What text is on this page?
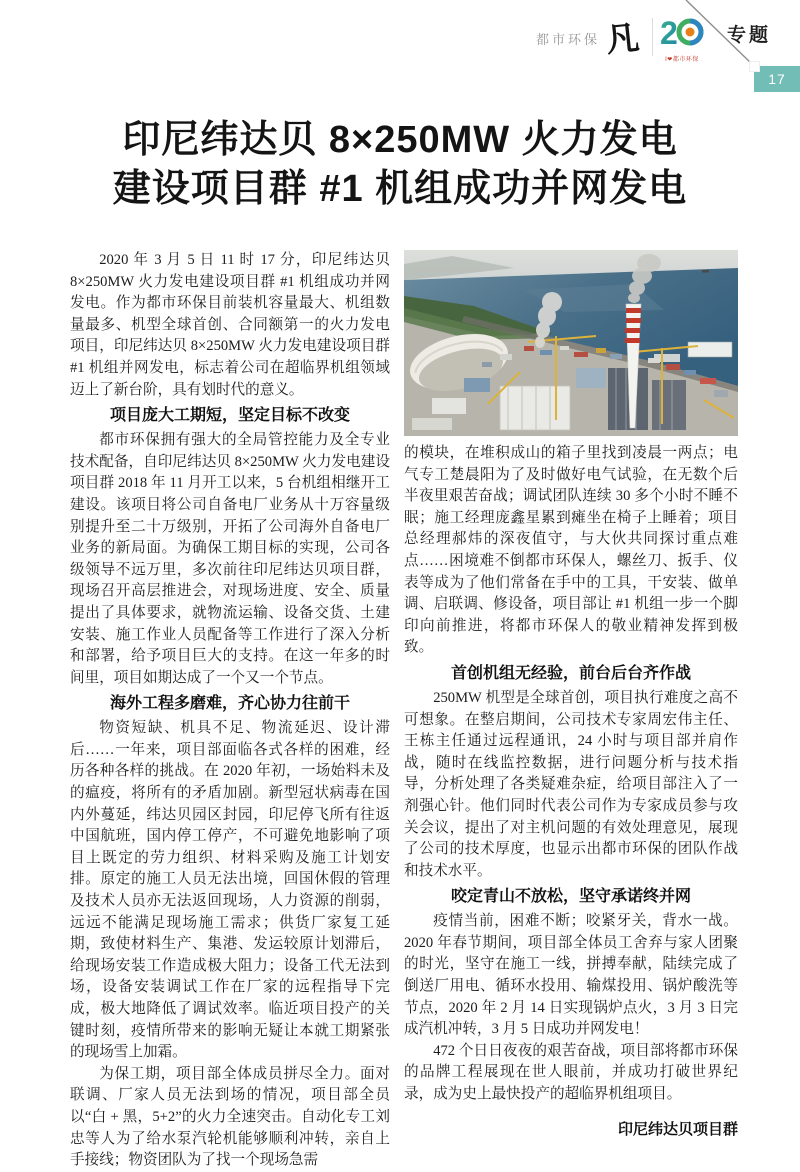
都市环保 凡 2
I❤都市环保
专题
17
印尼纬达贝 8×250MW 火力发电
建设项目群 #1 机组成功并网发电

2020 年 3 月 5 日 11 时 17 分，印尼纬达贝 8×250MW 火力发电建设项目群 #1 机组成功并网发电。作为都市环保目前装机容量最大、机组数量最多、机型全球首创、合同额第一的火力发电项目，印尼纬达贝 8×250MW 火力发电建设项目群 #1 机组并网发电，标志着公司在超临界机组领域迈上了新台阶，具有划时代的意义。

项目庞大工期短，坚定目标不改变

都市环保拥有强大的全局管控能力及全专业技术配备，自印尼纬达贝 8×250MW 火力发电建设项目群 2018 年 11 月开工以来，5 台机组相继开工建设。该项目将公司自备电厂业务从十万容量级别提升至二十万级别，开拓了公司海外自备电厂业务的新局面。为确保工期目标的实现，公司各级领导不远万里，多次前往印尼纬达贝项目群，现场召开高层推进会，对现场进度、安全、质量提出了具体要求，就物流运输、设备交货、土建安装、施工作业人员配备等工作进行了深入分析和部署，给予项目巨大的支持。在这一年多的时间里，项目如期达成了一个又一个节点。

海外工程多磨难，齐心协力往前干

物资短缺、机具不足、物流延迟、设计滞后……一年来，项目部面临各式各样的困难，经历各种各样的挑战。在 2020 年初，一场始料未及的瘟疫，将所有的矛盾加剧。新型冠状病毒在国内外蔓延，纬达贝园区封园，印尼停飞所有往返中国航班，国内停工停产，不可避免地影响了项目上既定的劳力组织、材料采购及施工计划安排。原定的施工人员无法出境，回国休假的管理及技术人员亦无法返回现场，人力资源的削弱，远远不能满足现场施工需求；供货厂家复工延期，致使材料生产、集港、发运较原计划滞后，给现场安装工作造成极大阻力；设备工代无法到场，设备安装调试工作在厂家的远程指导下完成，极大地降低了调试效率。临近项目投产的关键时刻，疫情所带来的影响无疑让本就工期紧张的现场雪上加霜。

为保工期，项目部全体成员拼尽全力。面对联调、厂家人员无法到场的情况，项目部全员以“白 + 黑，5+2”的火力全速突击。自动化专工刘忠等人为了给水泵汽轮机能够顺利冲转，亲自上手接线；物资团队为了找一个现场急需

的模块，在堆积成山的箱子里找到凌晨一两点；电气专工楚晨阳为了及时做好电气试验，在无数个后半夜里艰苦奋战；调试团队连续 30 多个小时不睡不眠；施工经理庞鑫星累到瘫坐在椅子上睡着；项目总经理郝炜的深夜值守，与大伙共同探讨重点难点……困境难不倒都市环保人，螺丝刀、扳手、仪表等成为了他们常备在手中的工具，干安装、做单调、启联调、修设备，项目部让 #1 机组一步一个脚印向前推进，将都市环保人的敬业精神发挥到极致。

首创机组无经验，前台后台齐作战

250MW 机型是全球首创，项目执行难度之高不可想象。在整启期间，公司技术专家周宏伟主任、王栋主任通过远程通讯，24 小时与项目部并肩作战，随时在线监控数据，进行问题分析与技术指导，分析处理了各类疑难杂症，给项目部注入了一剂强心针。他们同时代表公司作为专家成员参与攻关会议，提出了对主机问题的有效处理意见，展现了公司的技术厚度，也显示出都市环保的团队作战和技术水平。

咬定青山不放松，坚守承诺终并网

疫情当前，困难不断；咬紧牙关，背水一战。2020 年春节期间，项目部全体员工舍弃与家人团聚的时光，坚守在施工一线，拼搏奉献，陆续完成了倒送厂用电、循环水投用、输煤投用、锅炉酸洗等节点，2020 年 2 月 14 日实现锅炉点火，3 月 3 日完成汽机冲转，3 月 5 日成功并网发电！

472 个日日夜夜的艰苦奋战，项目部将都市环保的品牌工程展现在世人眼前，并成功打破世界纪录，成为史上最快投产的超临界机组项目。

印尼纬达贝项目群
